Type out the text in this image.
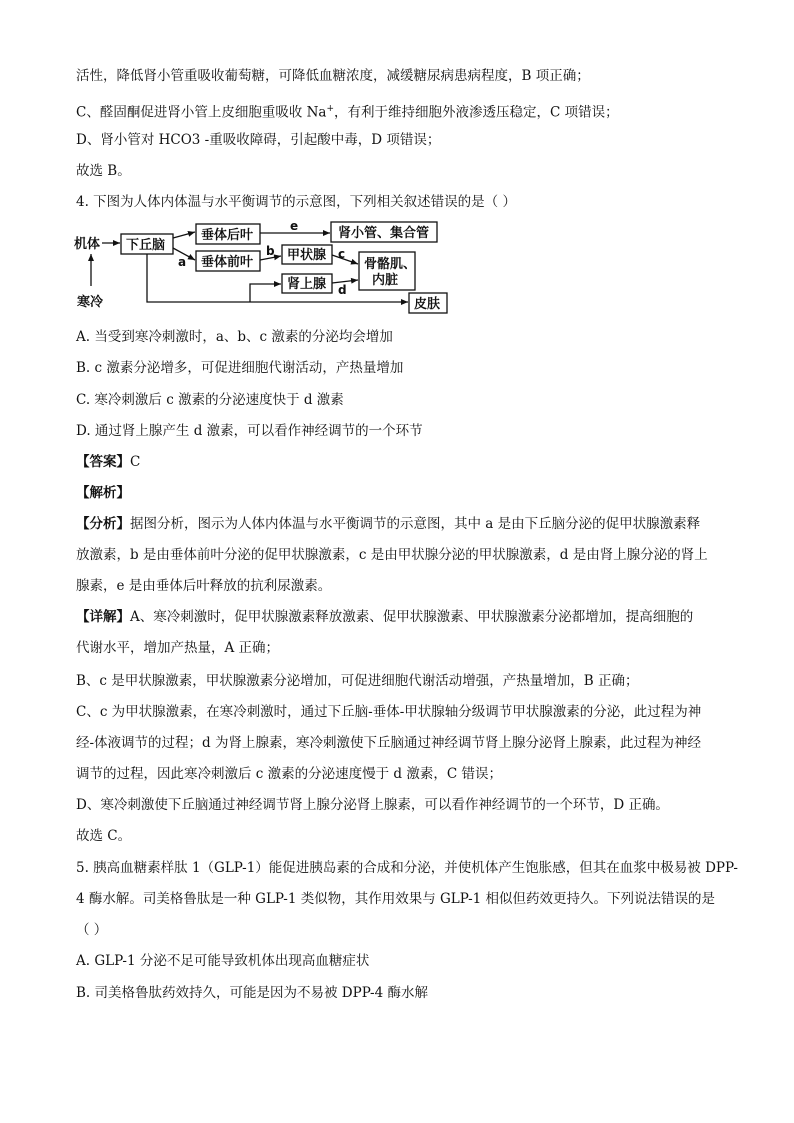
活性，降低肾小管重吸收葡萄糖，可降低血糖浓度，减缓糖尿病患病程度，B 项正确；
C、醛固酮促进肾小管上皮细胞重吸收 Na+，有利于维持细胞外液渗透压稳定，C 项错误；
D、肾小管对 HCO3 -重吸收障碍，引起酸中毒，D 项错误；
故选 B。
4. 下图为人体内体温与水平衡调节的示意图，下列相关叙述错误的是（ ）
机体
寒冷
下丘脑
垂体后叶
垂体前叶
肾小管、集合管
甲状腺
肾上腺
骨骼肌、
内脏
皮肤
a
b	c
d
e
A. 当受到寒冷刺激时，a、b、c 激素的分泌均会增加
B. c 激素分泌增多，可促进细胞代谢活动，产热量增加
C. 寒冷刺激后 c 激素的分泌速度快于 d 激素
D. 通过肾上腺产生 d 激素，可以看作神经调节的一个环节
【答案】C
【解析】
【分析】据图分析，图示为人体内体温与水平衡调节的示意图，其中 a 是由下丘脑分泌的促甲状腺激素释
放激素，b 是由垂体前叶分泌的促甲状腺激素，c 是由甲状腺分泌的甲状腺激素，d 是由肾上腺分泌的肾上
腺素，e 是由垂体后叶释放的抗利尿激素。
【详解】A、寒冷刺激时，促甲状腺激素释放激素、促甲状腺激素、甲状腺激素分泌都增加，提高细胞的
代谢水平，增加产热量，A 正确；
B、c 是甲状腺激素，甲状腺激素分泌增加，可促进细胞代谢活动增强，产热量增加，B 正确；
C、c 为甲状腺激素，在寒冷刺激时，通过下丘脑-垂体-甲状腺轴分级调节甲状腺激素的分泌，此过程为神
经-体液调节的过程；d 为肾上腺素，寒冷刺激使下丘脑通过神经调节肾上腺分泌肾上腺素，此过程为神经
调节的过程，因此寒冷刺激后 c 激素的分泌速度慢于 d 激素，C 错误；
D、寒冷刺激使下丘脑通过神经调节肾上腺分泌肾上腺素，可以看作神经调节的一个环节，D 正确。
故选 C。
5. 胰高血糖素样肽 1（GLP-1）能促进胰岛素的合成和分泌，并使机体产生饱胀感，但其在血浆中极易被 DPP-
4 酶水解。司美格鲁肽是一种 GLP-1 类似物，其作用效果与 GLP-1 相似但药效更持久。下列说法错误的是
（ ）
A. GLP-1 分泌不足可能导致机体出现高血糖症状
B. 司美格鲁肽药效持久，可能是因为不易被 DPP-4 酶水解
